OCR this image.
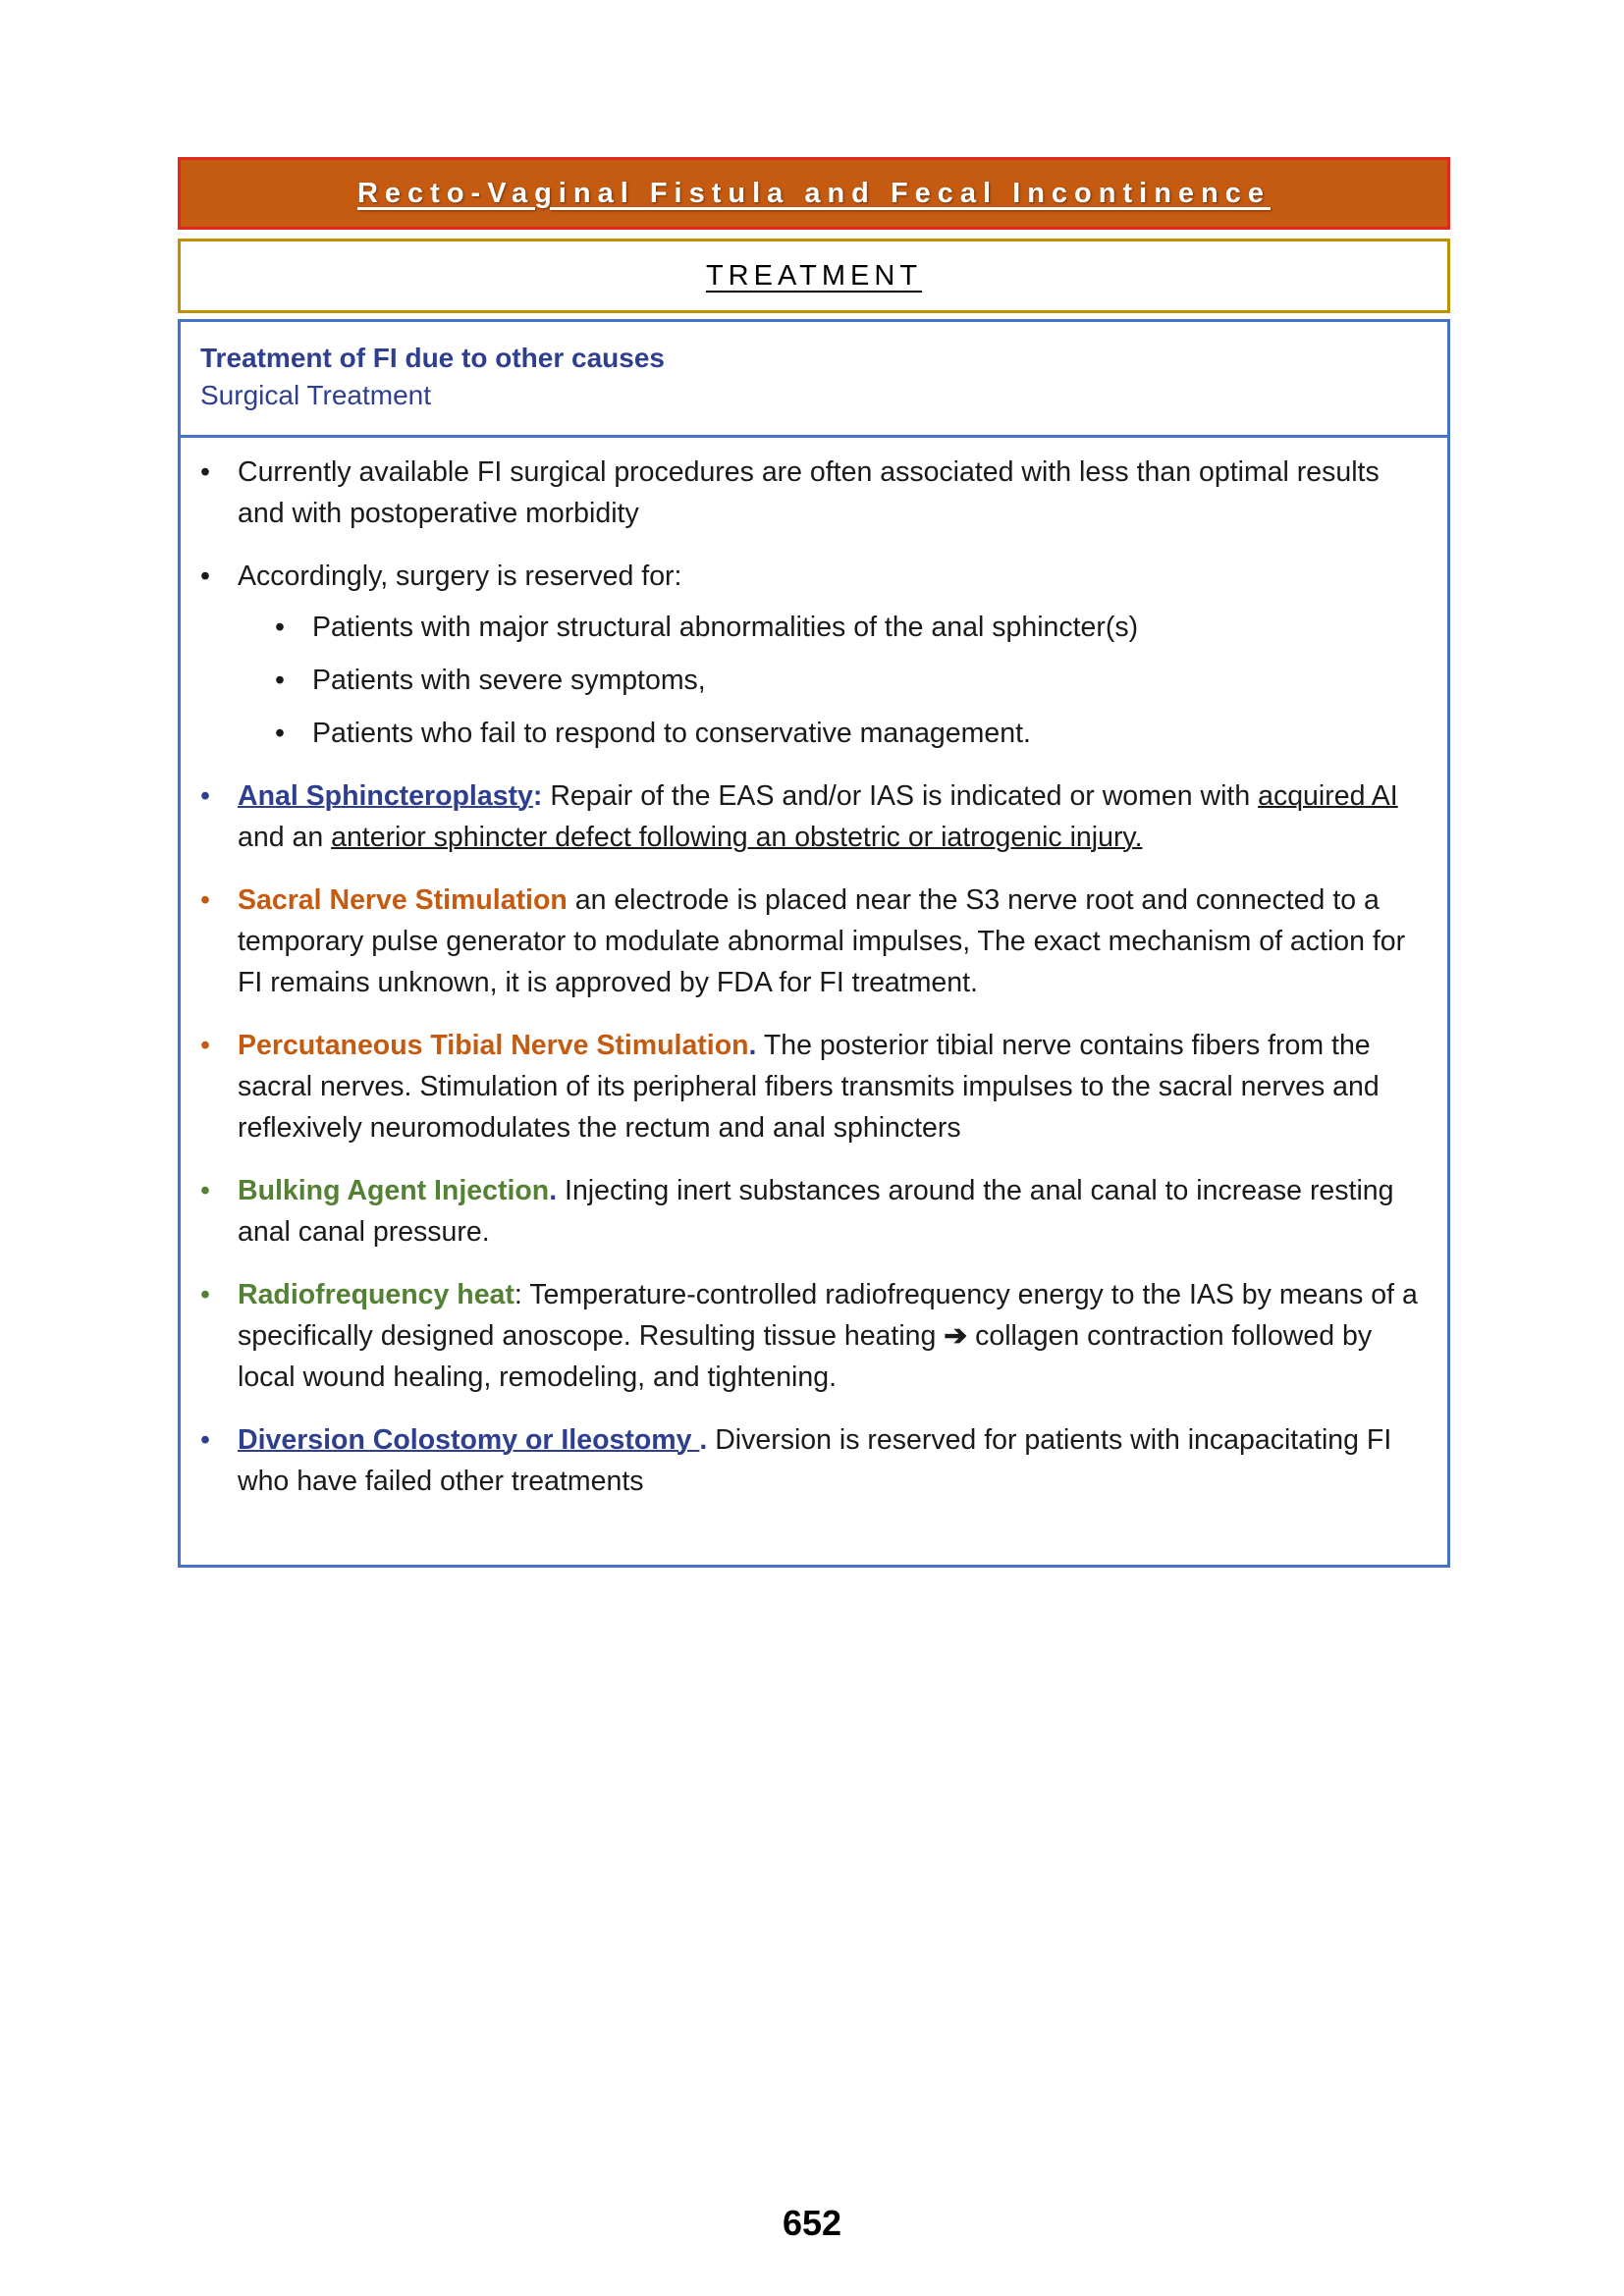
Recto-Vaginal Fistula and Fecal Incontinence
TREATMENT
Treatment of FI due to other causes
Surgical Treatment
• Currently available FI surgical procedures are often associated with less than optimal results and with postoperative morbidity
• Accordingly, surgery is reserved for:
• Patients with major structural abnormalities of the anal sphincter(s)
• Patients with severe symptoms,
• Patients who fail to respond to conservative management.
• Anal Sphincteroplasty: Repair of the EAS and/or IAS is indicated or women with acquired AI and an anterior sphincter defect following an obstetric or iatrogenic injury.
• Sacral Nerve Stimulation an electrode is placed near the S3 nerve root and connected to a temporary pulse generator to modulate abnormal impulses, The exact mechanism of action for FI remains unknown, it is approved by FDA for FI treatment.
• Percutaneous Tibial Nerve Stimulation. The posterior tibial nerve contains fibers from the sacral nerves. Stimulation of its peripheral fibers transmits impulses to the sacral nerves and reflexively neuromodulates the rectum and anal sphincters
• Bulking Agent Injection. Injecting inert substances around the anal canal to increase resting anal canal pressure.
• Radiofrequency heat: Temperature-controlled radiofrequency energy to the IAS by means of a specifically designed anoscope. Resulting tissue heating ➔ collagen contraction followed by local wound healing, remodeling, and tightening.
• Diversion Colostomy or Ileostomy . Diversion is reserved for patients with incapacitating FI who have failed other treatments
652
